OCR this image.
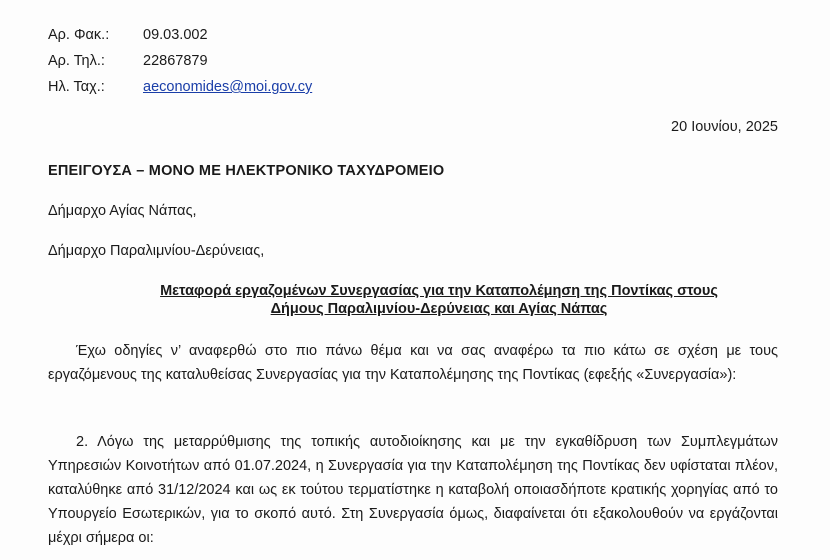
Αρ. Φακ.:	09.03.002
Αρ. Τηλ.:	22867879
Ηλ. Ταχ.:	aeconomides@moi.gov.cy
20 Ιουνίου, 2025
ΕΠΕΙΓΟΥΣΑ – ΜΟΝΟ ΜΕ ΗΛΕΚΤΡΟΝΙΚΟ ΤΑΧΥΔΡΟΜΕΙΟ
Δήμαρχο Αγίας Νάπας,
Δήμαρχο Παραλιμνίου-Δερύνειας,
Μεταφορά εργαζομένων Συνεργασίας για την Καταπολέμηση της Ποντίκας στους
Δήμους Παραλιμνίου-Δερύνειας και Αγίας Νάπας
Έχω οδηγίες ν’ αναφερθώ στο πιο πάνω θέμα και να σας αναφέρω τα πιο κάτω σε σχέση με τους εργαζόμενους της καταλυθείσας Συνεργασίας για την Καταπολέμησης της Ποντίκας (εφεξής «Συνεργασία»):
2. Λόγω της μεταρρύθμισης της τοπικής αυτοδιοίκησης και με την εγκαθίδρυση των Συμπλεγμάτων Υπηρεσιών Κοινοτήτων από 01.07.2024, η Συνεργασία για την Καταπολέμηση της Ποντίκας δεν υφίσταται πλέον, καταλύθηκε από 31/12/2024 και ως εκ τούτου τερματίστηκε η καταβολή οποιασδήποτε κρατικής χορηγίας από το Υπουργείο Εσωτερικών, για το σκοπό αυτό. Στη Συνεργασία όμως, διαφαίνεται ότι εξακολουθούν να εργάζονται μέχρι σήμερα οι:
